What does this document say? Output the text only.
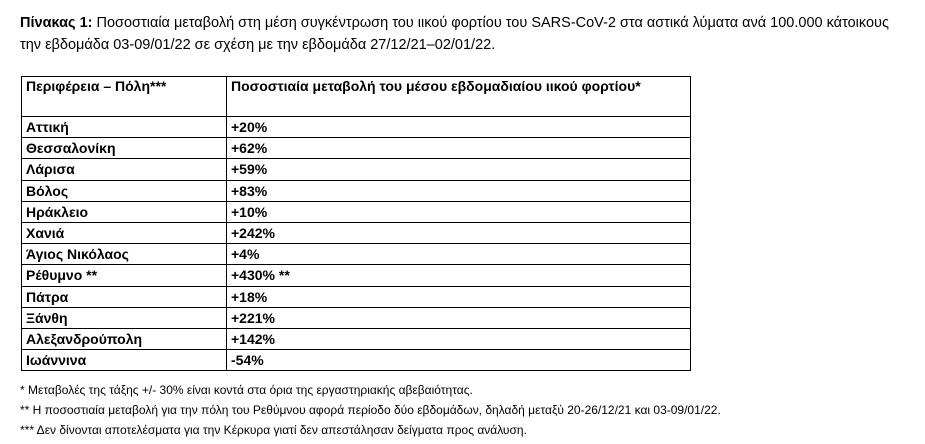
Πίνακας 1: Ποσοστιαία μεταβολή στη μέση συγκέντρωση του ιικού φορτίου του SARS-CoV-2 στα αστικά λύματα ανά 100.000 κάτοικους την εβδομάδα 03-09/01/22 σε σχέση με την εβδομάδα 27/12/21–02/01/22.
Περιφέρεια – Πόλη***	Ποσοστιαία μεταβολή του μέσου εβδομαδιαίου ιικού φορτίου*
Αττική	+20%
Θεσσαλονίκη	+62%
Λάρισα	+59%
Βόλος	+83%
Ηράκλειο	+10%
Χανιά	+242%
Άγιος Νικόλαος	+4%
Ρέθυμνο **	+430% **
Πάτρα	+18%
Ξάνθη	+221%
Αλεξανδρούπολη	+142%
Ιωάννινα	-54%
* Μεταβολές της τάξης +/- 30% είναι κοντά στα όρια της εργαστηριακής αβεβαιότητας.
** Η ποσοστιαία μεταβολή για την πόλη του Ρεθύμνου αφορά περίοδο δύο εβδομάδων, δηλαδή μεταξύ 20-26/12/21 και 03-09/01/22.
*** Δεν δίνονται αποτελέσματα για την Κέρκυρα γιατί δεν απεστάλησαν δείγματα προς ανάλυση.
